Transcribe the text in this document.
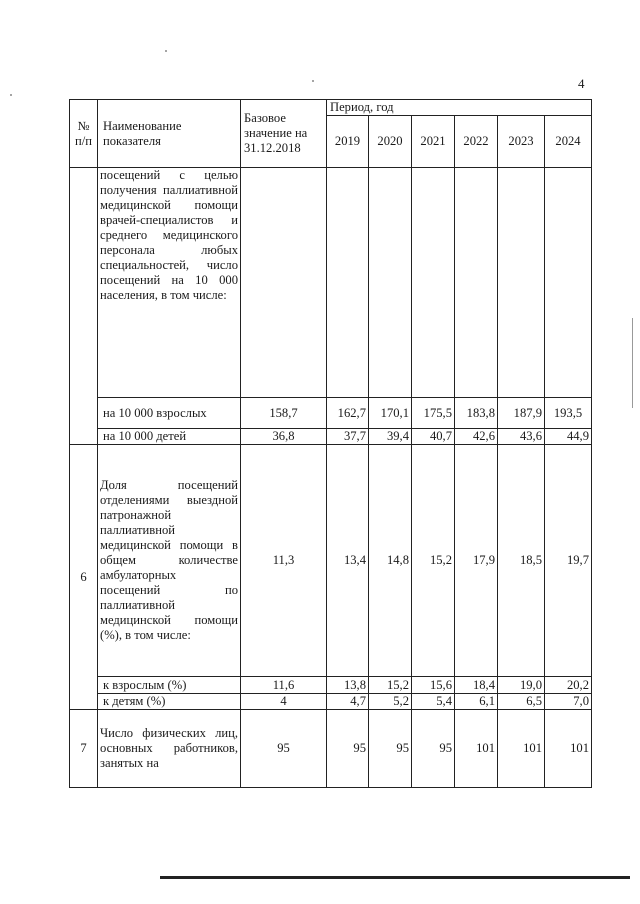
4
№ п/п	Наименование показателя	Базовое значение на 31.12.2018	Период, год					
			2019	2020	2021	2022	2023	2024
	посещений с целью получения паллиативной медицинской помощи врачей-специалистов и среднего медицинского персонала любых специальностей, число посещений на 10 000 населения, в том числе:							
	на 10 000 взрослых	158,7	162,7	170,1	175,5	183,8	187,9	193,5
	на 10 000 детей	36,8	37,7	39,4	40,7	42,6	43,6	44,9
6	Доля посещений отделениями выездной патронажной паллиативной медицинской помощи в общем количестве амбулаторных посещений по паллиативной медицинской помощи (%), в том числе:	11,3	13,4	14,8	15,2	17,9	18,5	19,7
	к взрослым (%)	11,6	13,8	15,2	15,6	18,4	19,0	20,2
	к детям (%)	4	4,7	5,2	5,4	6,1	6,5	7,0
7	Число физических лиц, основных работников, занятых на	95	95	95	95	101	101	101
